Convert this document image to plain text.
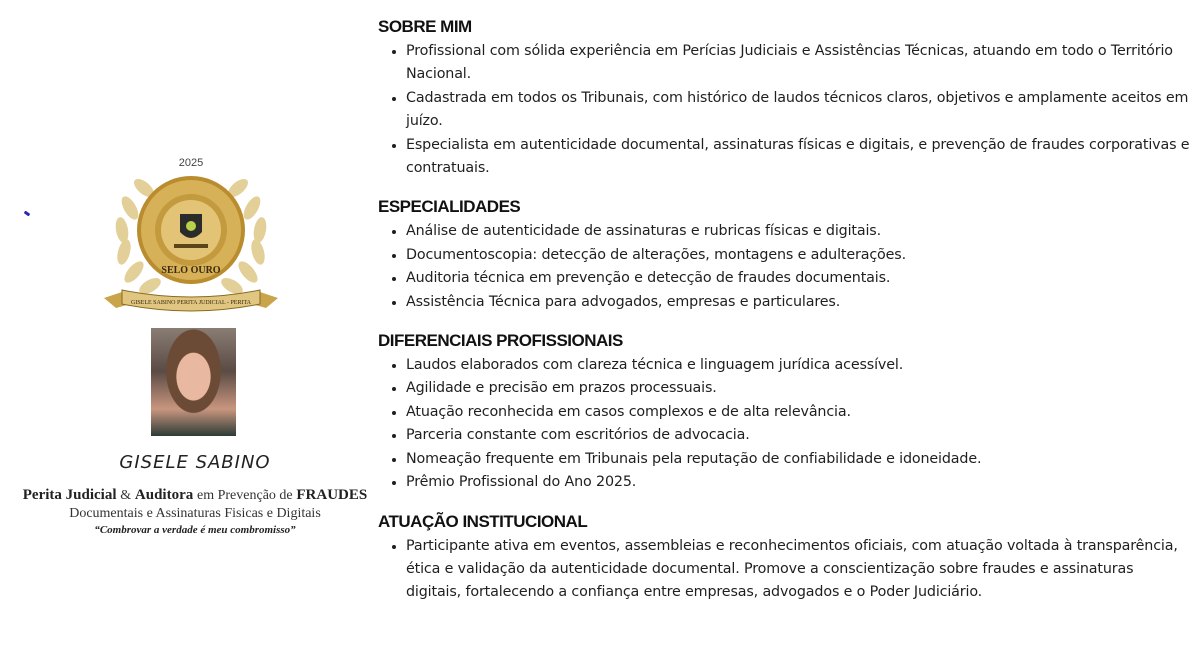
2025
SELO OURO
GISELE SABINO PERITA JUDICIAL - PERITA
GISELE SABINO
Perita Judicial & Auditora em Prevenção de FRAUDES
Documentais e Assinaturas Fisicas e Digitais
“Combrovar a verdade é meu combromisso”
SOBRE MIM
• Profissional com sólida experiência em Perícias Judiciais e Assistências Técnicas, atuando em todo o Território Nacional.
• Cadastrada em todos os Tribunais, com histórico de laudos técnicos claros, objetivos e amplamente aceitos em juízo.
• Especialista em autenticidade documental, assinaturas físicas e digitais, e prevenção de fraudes corporativas e contratuais.
ESPECIALIDADES
• Análise de autenticidade de assinaturas e rubricas físicas e digitais.
• Documentoscopia: detecção de alterações, montagens e adulterações.
• Auditoria técnica em prevenção e detecção de fraudes documentais.
• Assistência Técnica para advogados, empresas e particulares.
DIFERENCIAIS PROFISSIONAIS
• Laudos elaborados com clareza técnica e linguagem jurídica acessível.
• Agilidade e precisão em prazos processuais.
• Atuação reconhecida em casos complexos e de alta relevância.
• Parceria constante com escritórios de advocacia.
• Nomeação frequente em Tribunais pela reputação de confiabilidade e idoneidade.
• Prêmio Profissional do Ano 2025.
ATUAÇÃO INSTITUCIONAL
• Participante ativa em eventos, assembleias e reconhecimentos oficiais, com atuação voltada à transparência, ética e validação da autenticidade documental. Promove a conscientização sobre fraudes e assinaturas digitais, fortalecendo a confiança entre empresas, advogados e o Poder Judiciário.
